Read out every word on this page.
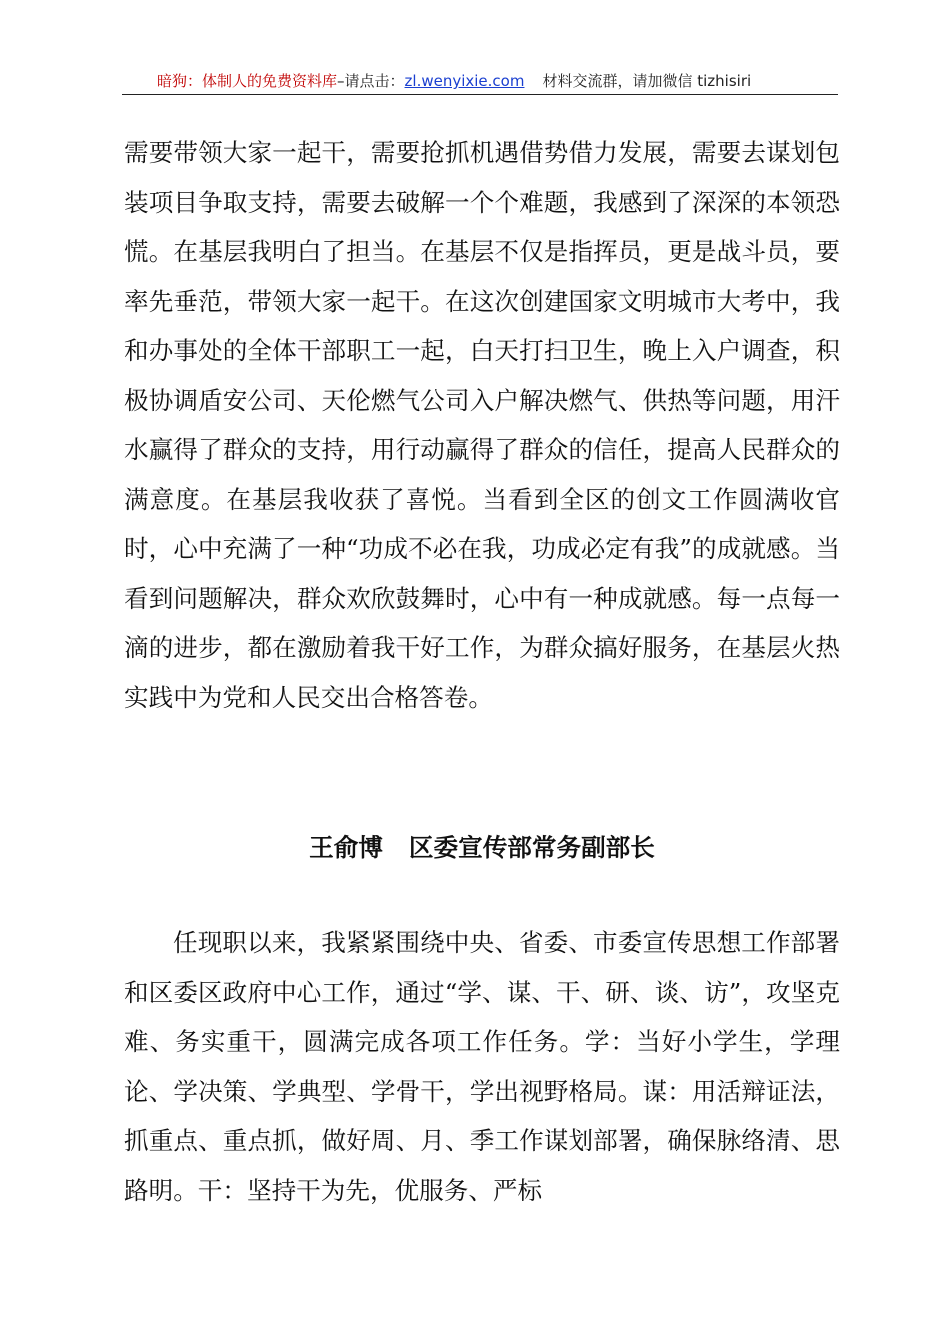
暗狗：体制人的免费资料库–请点击：zl.wenyixie.com 材料交流群，请加微信 tizhisiri

需要带领大家一起干，需要抢抓机遇借势借力发展，需要去谋划包装项目争取支持，需要去破解一个个难题，我感到了深深的本领恐慌。在基层我明白了担当。在基层不仅是指挥员，更是战斗员，要率先垂范，带领大家一起干。在这次创建国家文明城市大考中，我和办事处的全体干部职工一起，白天打扫卫生，晚上入户调查，积极协调盾安公司、天伦燃气公司入户解决燃气、供热等问题，用汗水赢得了群众的支持，用行动赢得了群众的信任，提高人民群众的满意度。在基层我收获了喜悦。当看到全区的创文工作圆满收官时，心中充满了一种“功成不必在我，功成必定有我”的成就感。当看到问题解决，群众欢欣鼓舞时，心中有一种成就感。每一点每一滴的进步，都在激励着我干好工作，为群众搞好服务，在基层火热实践中为党和人民交出合格答卷。

王俞博 区委宣传部常务副部长

任现职以来，我紧紧围绕中央、省委、市委宣传思想工作部署和区委区政府中心工作，通过“学、谋、干、研、谈、访”，攻坚克难、务实重干，圆满完成各项工作任务。学：当好小学生，学理论、学决策、学典型、学骨干，学出视野格局。谋：用活辩证法，抓重点、重点抓，做好周、月、季工作谋划部署，确保脉络清、思路明。干：坚持干为先，优服务、严标
